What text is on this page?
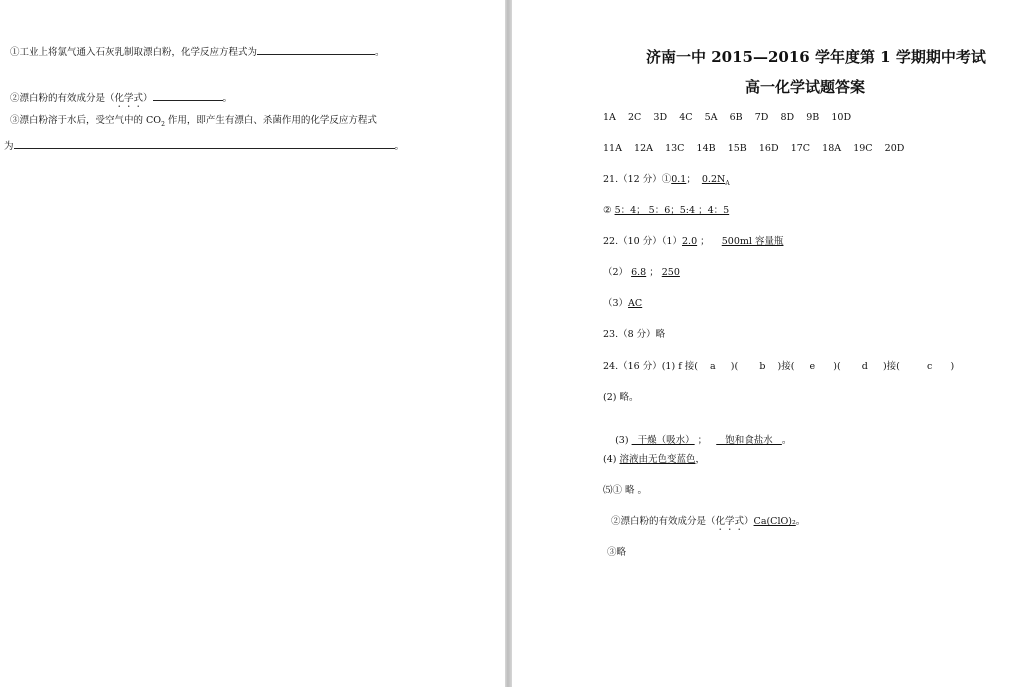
①工业上将氯气通入石灰乳制取漂白粉，化学反应方程式为	。
②漂白粉的有效成分是（化学式）	。
③漂白粉溶于水后，受空气中的 $CO_2$ 作用，即产生有漂白、杀菌作用的化学反应方程式
为	。
济南一中 2015—2016 学年度第 1 学期期中考试
高一化学试题答案
1A 2C 3D 4C 5A 6B 7D 8D 9B 10D
11A 12A 13C 14B 15B 16D 17C 18A 19C 20D
21.（12 分）①0.1； $0.2N_A$
② 5：4； 5：6；5:4 ；4：5
22.（10 分）（1）2.0 ； 500ml 容量瓶
（2） 6.8 ； 250
（3）AC
23.（8 分）略
24.（16 分）(1) f 接(    a     )(       b    )接(     e      )(       d     )接(         c      )
(2) 略。

(3)   干燥（吸水） ；      饱和食盐水   。

(4) 溶液由无色变蓝色，
⑸① 略 。
②漂白粉的有效成分是（化学式）Ca(ClO)₂。
③略
